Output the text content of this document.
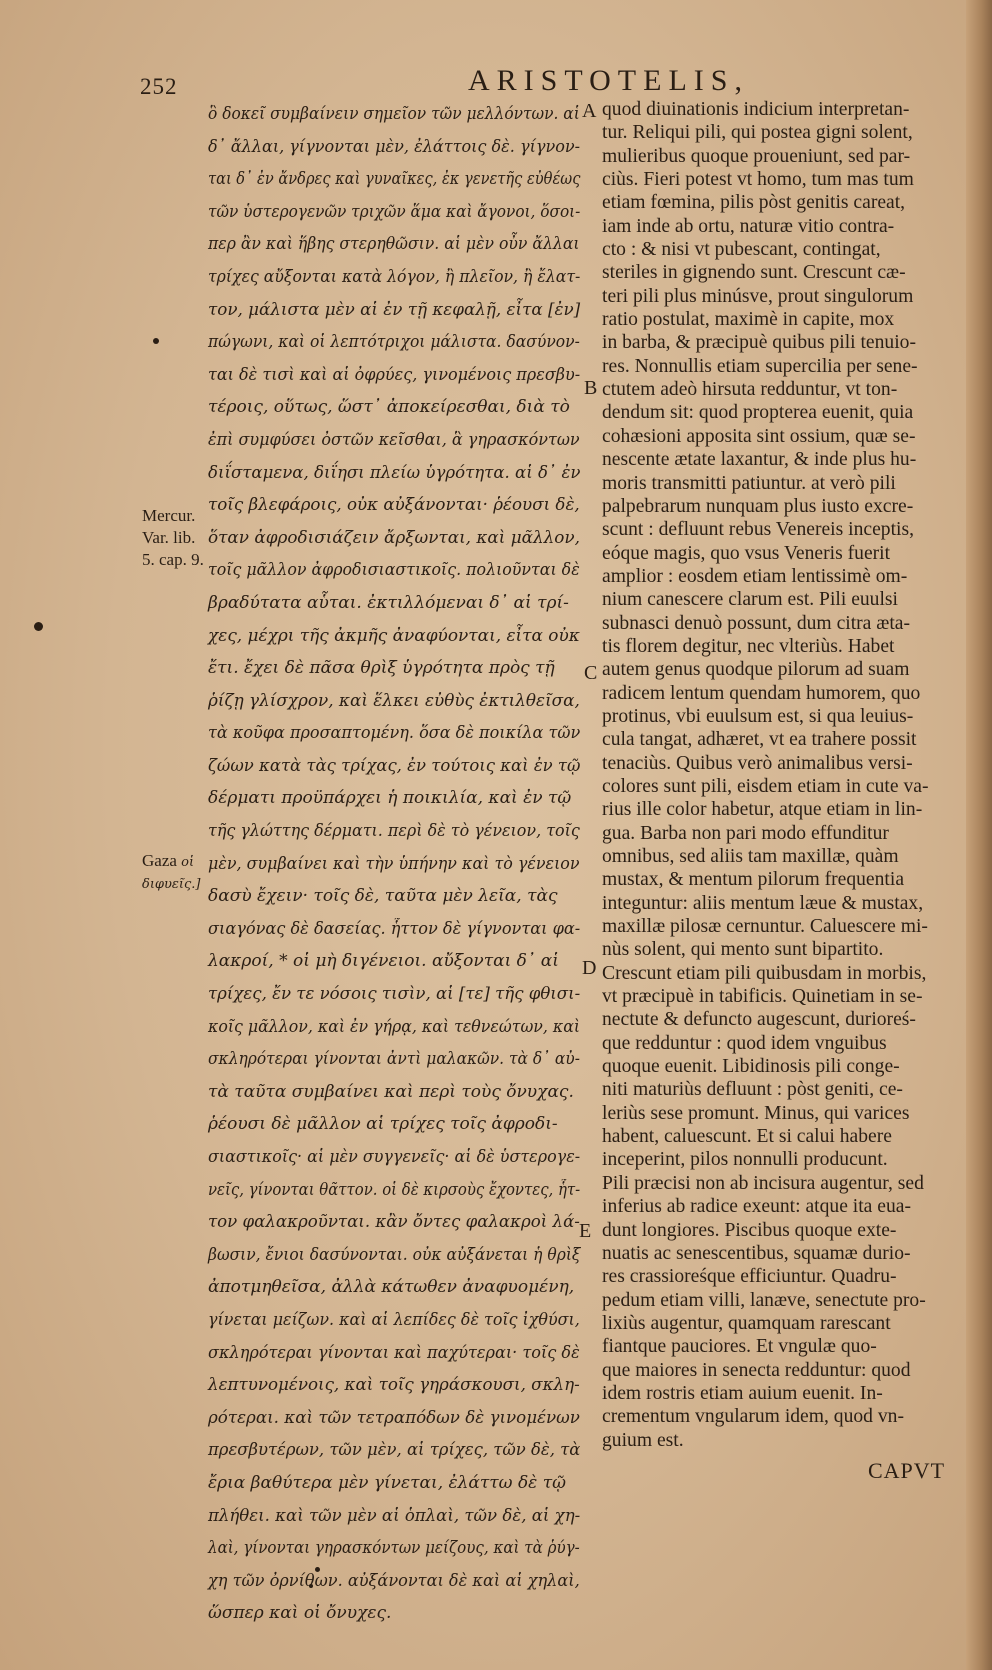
252	ARISTOTELIS,
Mercur.
Var. lib.
5. cap. 9.
Gaza οἱ
διφυεῖς.]
ὃ δοκεῖ συμβαίνειν σημεῖον τῶν μελλόντων. αἱ
δ᾽ ἄλλαι, γίγνονται μὲν, ἐλάττοις δὲ. γίγνον-
ται δ᾽ ἐν ἄνδρες καὶ γυναῖκες, ἐκ γενετῆς εὐθέως
τῶν ὑστερογενῶν τριχῶν ἅμα καὶ ἄγονοι, ὅσοι-
περ ἂν καὶ ἥβης στερηθῶσιν. αἱ μὲν οὖν ἄλλαι
τρίχες αὔξονται κατὰ λόγον, ἢ πλεῖον, ἢ ἔλατ-
τον, μάλιστα μὲν αἱ ἐν τῇ κεφαλῇ, εἶτα [ἐν]
πώγωνι, καὶ οἱ λεπτότριχοι μάλιστα. δασύνον-
ται δὲ τισὶ καὶ αἱ ὀφρύες, γινομένοις πρεσβυ-
τέροις, οὕτως, ὥστ᾽ ἀποκείρεσθαι, διὰ τὸ
ἐπὶ συμφύσει ὀστῶν κεῖσθαι, ἃ γηρασκόντων
διΐσταμενα, διΐησι πλείω ὑγρότητα. αἱ δ᾽ ἐν
τοῖς βλεφάροις, οὐκ αὐξάνονται· ῥέουσι δὲ,
ὅταν ἀφροδισιάζειν ἄρξωνται, καὶ μᾶλλον,
τοῖς μᾶλλον ἀφροδισιαστικοῖς. πολιοῦνται δὲ
βραδύτατα αὗται. ἐκτιλλόμεναι δ᾽ αἱ τρί-
χες, μέχρι τῆς ἀκμῆς ἀναφύονται, εἶτα οὐκ
ἔτι. ἔχει δὲ πᾶσα θρὶξ ὑγρότητα πρὸς τῇ
ῥίζῃ γλίσχρον, καὶ ἕλκει εὐθὺς ἐκτιλθεῖσα,
τὰ κοῦφα προσαπτομένη. ὅσα δὲ ποικίλα τῶν
ζώων κατὰ τὰς τρίχας, ἐν τούτοις καὶ ἐν τῷ
δέρματι προϋπάρχει ἡ ποικιλία, καὶ ἐν τῷ
τῆς γλώττης δέρματι. περὶ δὲ τὸ γένειον, τοῖς
μὲν, συμβαίνει καὶ τὴν ὑπήνην καὶ τὸ γένειον
δασὺ ἔχειν· τοῖς δὲ, ταῦτα μὲν λεῖα, τὰς
σιαγόνας δὲ δασείας. ἧττον δὲ γίγνονται φα-
λακροί, * οἱ μὴ διγένειοι. αὔξονται δ᾽ αἱ
τρίχες, ἔν τε νόσοις τισὶν, αἱ [τε] τῆς φθισι-
κοῖς μᾶλλον, καὶ ἐν γήρᾳ, καὶ τεθνεώτων, καὶ
σκληρότεραι γίνονται ἀντὶ μαλακῶν. τὰ δ᾽ αὐ-
τὰ ταῦτα συμβαίνει καὶ περὶ τοὺς ὄνυχας.
ῥέουσι δὲ μᾶλλον αἱ τρίχες τοῖς ἀφροδι-
σιαστικοῖς· αἱ μὲν συγγενεῖς· αἱ δὲ ὑστερογε-
νεῖς, γίνονται θᾶττον. οἱ δὲ κιρσοὺς ἔχοντες, ἧτ-
τον φαλακροῦνται. κἂν ὄντες φαλακροὶ λά-
βωσιν, ἔνιοι δασύνονται. οὐκ αὐξάνεται ἡ θρὶξ
ἀποτμηθεῖσα, ἀλλὰ κάτωθεν ἀναφυομένη,
γίνεται μείζων. καὶ αἱ λεπίδες δὲ τοῖς ἰχθύσι,
σκληρότεραι γίνονται καὶ παχύτεραι· τοῖς δὲ
λεπτυνομένοις, καὶ τοῖς γηράσκουσι, σκλη-
ρότεραι. καὶ τῶν τετραπόδων δὲ γινομένων
πρεσβυτέρων, τῶν μὲν, αἱ τρίχες, τῶν δὲ, τὰ
ἔρια βαθύτερα μὲν γίνεται, ἐλάττω δὲ τῷ
πλήθει. καὶ τῶν μὲν αἱ ὁπλαὶ, τῶν δὲ, αἱ χη-
λαὶ, γίνονται γηρασκόντων μείζους, καὶ τὰ ῥύγ-
χη τῶν ὀρνίθων. αὐξάνονται δὲ καὶ αἱ χηλαὶ,
ὥσπερ καὶ οἱ ὄνυχες.
A
B
C
D
E
quod diuinationis indicium interpretan-
tur. Reliqui pili, qui postea gigni solent,
mulieribus quoque proueniunt, sed par-
ciùs. Fieri potest vt homo, tum mas tum
etiam fœmina, pilis pòst genitis careat,
iam inde ab ortu, naturæ vitio contra-
cto : & nisi vt pubescant, contingat,
steriles in gignendo sunt. Crescunt cæ-
teri pili plus minúsve, prout singulorum
ratio postulat, maximè in capite, mox
in barba, & præcipuè quibus pili tenuio-
res. Nonnullis etiam supercilia per sene-
ctutem adeò hirsuta redduntur, vt ton-
dendum sit: quod propterea euenit, quia
cohæsioni apposita sint ossium, quæ se-
nescente ætate laxantur, & inde plus hu-
moris transmitti patiuntur. at verò pili
palpebrarum nunquam plus iusto excre-
scunt : defluunt rebus Venereis inceptis,
eóque magis, quo vsus Veneris fuerit
amplior : eosdem etiam lentissimè om-
nium canescere clarum est. Pili euulsi
subnasci denuò possunt, dum citra æta-
tis florem degitur, nec vlteriùs. Habet
autem genus quodque pilorum ad suam
radicem lentum quendam humorem, quo
protinus, vbi euulsum est, si qua leuius-
cula tangat, adhæret, vt ea trahere possit
tenaciùs. Quibus verò animalibus versi-
colores sunt pili, eisdem etiam in cute va-
rius ille color habetur, atque etiam in lin-
gua. Barba non pari modo effunditur
omnibus, sed aliis tam maxillæ, quàm
mustax, & mentum pilorum frequentia
integuntur: aliis mentum læue & mustax,
maxillæ pilosæ cernuntur. Caluescere mi-
nùs solent, qui mento sunt bipartito.
Crescunt etiam pili quibusdam in morbis,
vt præcipuè in tabificis. Quinetiam in se-
nectute & defuncto augescunt, durioreś-
que redduntur : quod idem vnguibus
quoque euenit. Libidinosis pili conge-
niti maturiùs defluunt : pòst geniti, ce-
leriùs sese promunt. Minus, qui varices
habent, caluescunt. Et si calui habere
inceperint, pilos nonnulli producunt.
Pili præcisi non ab incisura augentur, sed
inferius ab radice exeunt: atque ita eua-
dunt longiores. Piscibus quoque exte-
nuatis ac senescentibus, squamæ durio-
res crassioreśque efficiuntur. Quadru-
pedum etiam villi, lanæve, senectute pro-
lixiùs augentur, quamquam rarescant
fiantque pauciores. Et vngulæ quo-
que maiores in senecta redduntur: quod
idem rostris etiam auium euenit. In-
crementum vngularum idem, quod vn-
guium est.
CAPVT
